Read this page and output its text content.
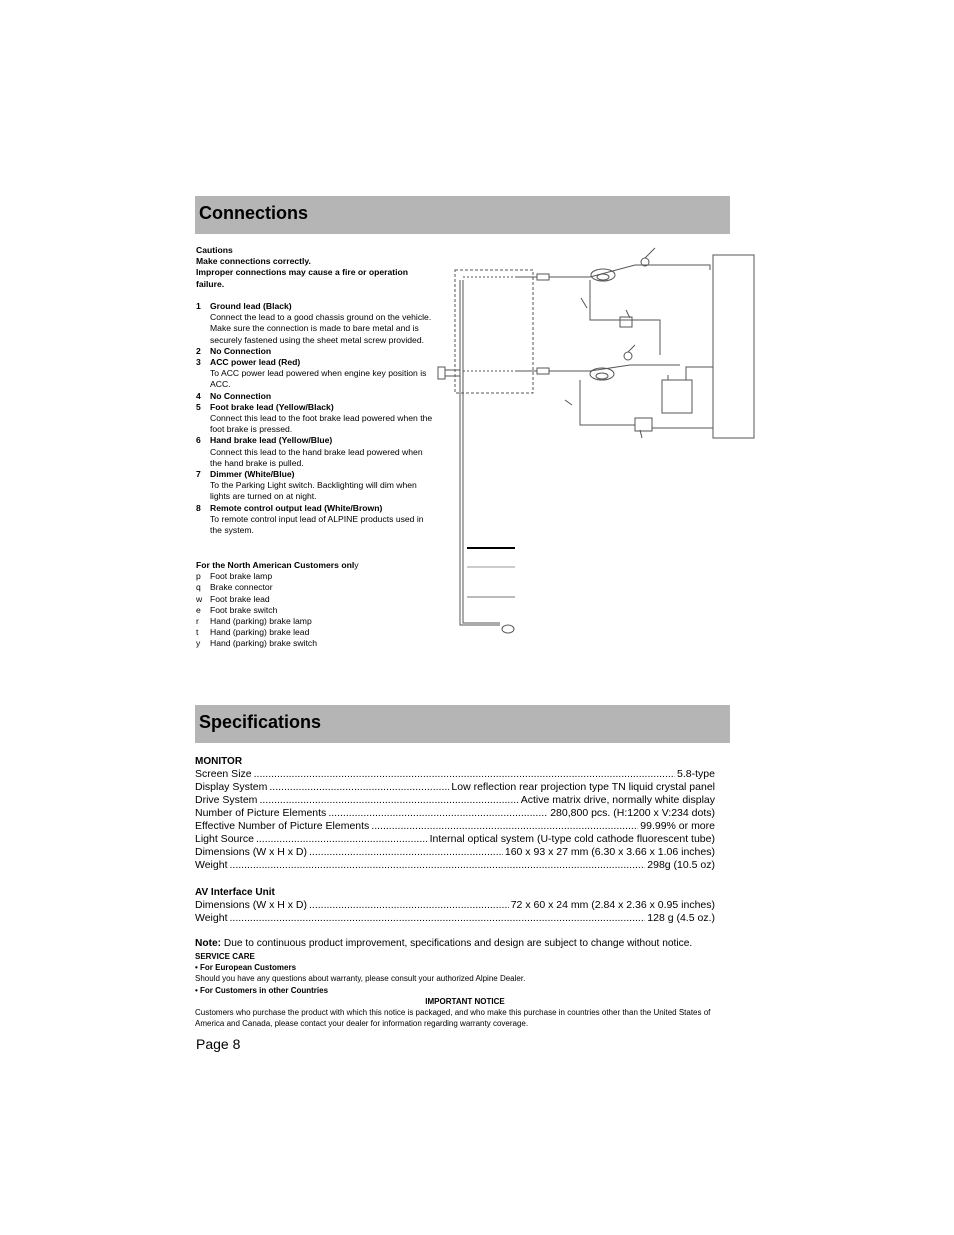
Connections
Cautions
Make connections correctly.
Improper connections may cause a fire or operation failure.
1	Ground lead (Black)
Connect the lead to a good chassis ground on the vehicle. Make sure the connection is made to bare metal and is securely fastened using the sheet metal screw provided.
2	No Connection
3	ACC power lead (Red)
To ACC power lead powered when engine key position is ACC.
4	No Connection
5	Foot brake lead (Yellow/Black)
Connect this lead to the foot brake lead powered when the foot brake is pressed.
6	Hand brake lead (Yellow/Blue)
Connect this lead to the hand brake lead powered when the hand brake is pulled.
7	Dimmer (White/Blue)
To the Parking Light switch. Backlighting will dim when lights are turned on at night.
8	Remote control output lead (White/Brown)
To remote control input lead of ALPINE products used in the system.
For the North American Customers only
p	Foot brake lamp
q	Brake connector
w Foot brake lead
e	Foot brake switch
r	Hand (parking) brake lamp
t	Hand (parking) brake lead
y	Hand (parking) brake switch
Specifications
MONITOR
Screen Size .....	5.8-type
Display System .....	Low reflection rear projection type TN liquid crystal panel
Drive System .....	Active matrix drive, normally white display
Number of Picture Elements .....	280,800 pcs. (H:1200 x V:234 dots)
Effective Number of Picture Elements .....	99.99% or more
Light Source .....	Internal optical system (U-type cold cathode fluorescent tube)
Dimensions (W x H x D) .....	160 x 93 x 27 mm (6.30 x 3.66 x 1.06 inches)
Weight .....	298g (10.5 oz)
AV Interface Unit
Dimensions (W x H x D) .....	72 x 60 x 24 mm (2.84 x 2.36 x 0.95 inches)
Weight .....	128 g (4.5 oz.)
Note: Due to continuous product improvement, specifications and design are subject to change without notice.
SERVICE CARE
• For European Customers
Should you have any questions about warranty, please consult your authorized Alpine Dealer.
• For Customers in other Countries
IMPORTANT NOTICE
Customers who purchase the product with which this notice is packaged, and who make this purchase in countries other than the United States of America and Canada, please contact your dealer for information regarding warranty coverage.
Page 8
